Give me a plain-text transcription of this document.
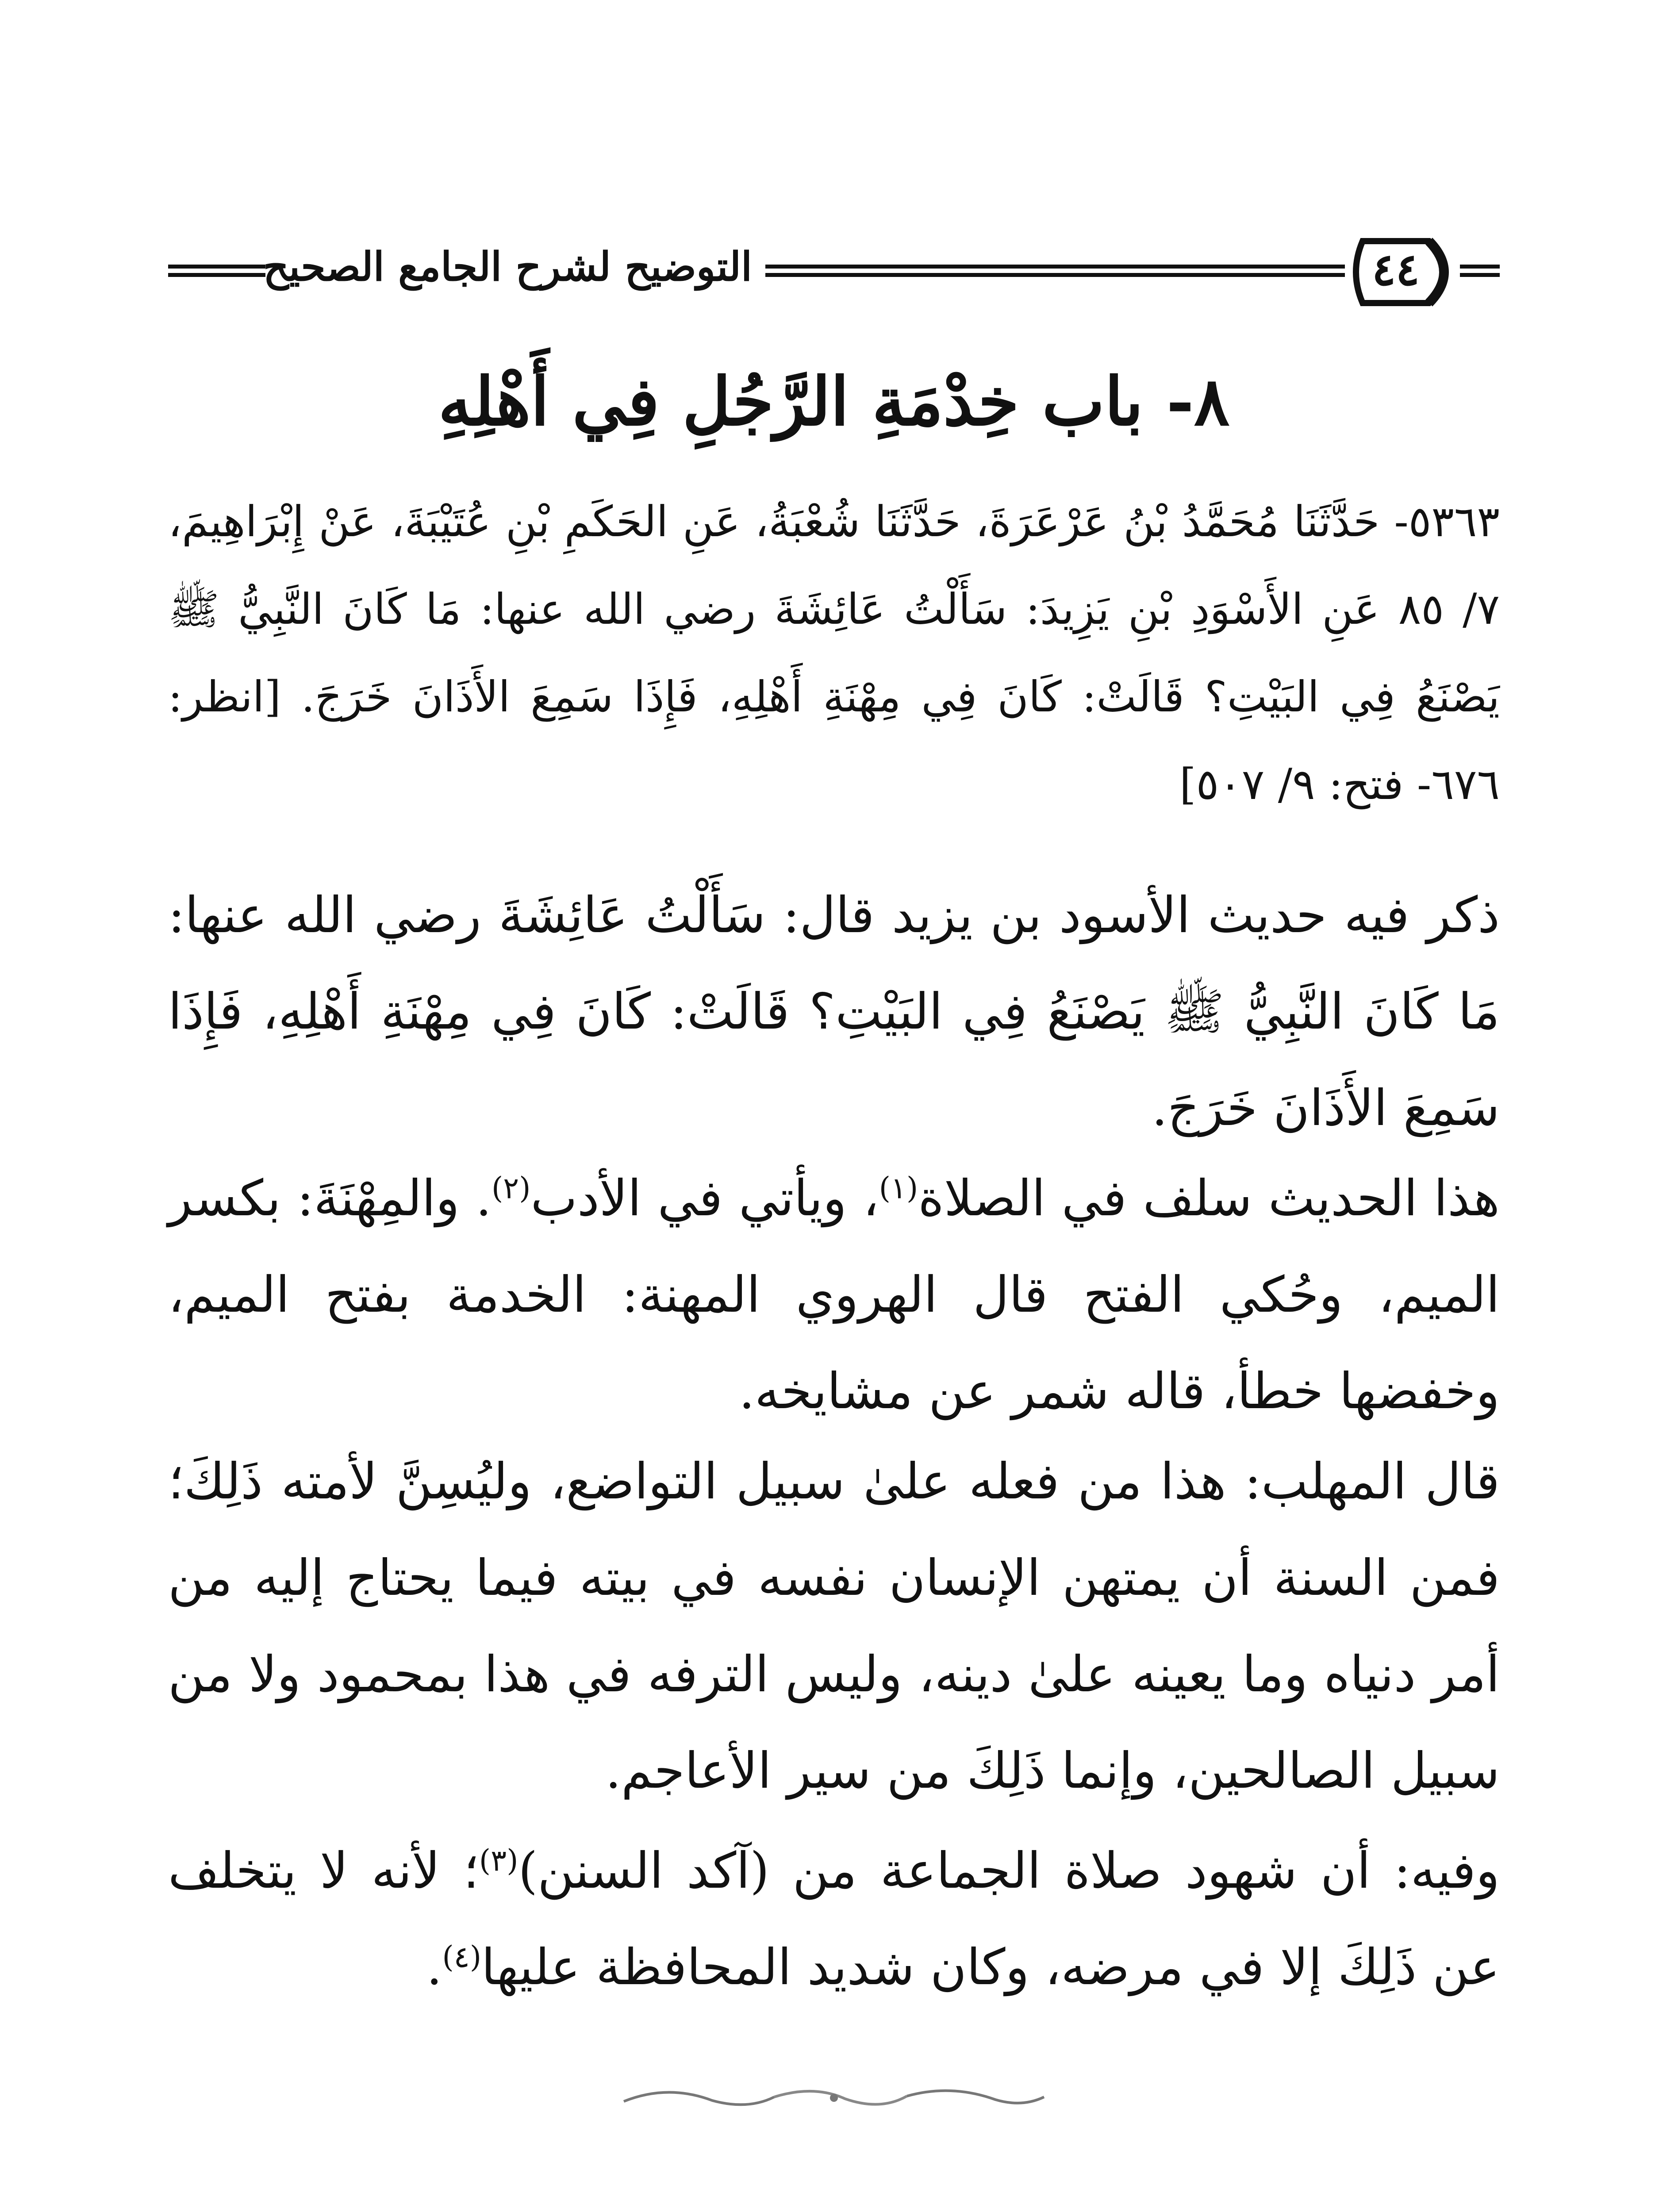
التوضيح لشرح الجامع الصحيح	٤٤
٨- باب خِدْمَةِ الرَّجُلِ فِي أَهْلِهِ
٥٣٦٣- حَدَّثَنَا مُحَمَّدُ بْنُ عَرْعَرَةَ، حَدَّثَنَا شُعْبَةُ، عَنِ الحَكَمِ بْنِ عُتَيْبَةَ، عَنْ إِبْرَاهِيمَ، ٧/ ٨٥ عَنِ الأَسْوَدِ بْنِ يَزِيدَ: سَأَلْتُ عَائِشَةَ رضي الله عنها: مَا كَانَ النَّبِيُّ ﷺ يَصْنَعُ فِي البَيْتِ؟ قَالَتْ: كَانَ فِي مِهْنَةِ أَهْلِهِ، فَإِذَا سَمِعَ الأَذَانَ خَرَجَ. [انظر: ٦٧٦- فتح: ٩/ ٥٠٧]
ذكر فيه حديث الأسود بن يزيد قال: سَأَلْتُ عَائِشَةَ رضي الله عنها: مَا كَانَ النَّبِيُّ ﷺ يَصْنَعُ فِي البَيْتِ؟ قَالَتْ: كَانَ فِي مِهْنَةِ أَهْلِهِ، فَإِذَا سَمِعَ الأَذَانَ خَرَجَ.
هذا الحديث سلف في الصلاة$^{(١)}$، ويأتي في الأدب$^{(٢)}$. والمِهْنَةَ: بكسر الميم، وحُكي الفتح قال الهروي المهنة: الخدمة بفتح الميم، وخفضها خطأ، قاله شمر عن مشايخه.
قال المهلب: هذا من فعله علىٰ سبيل التواضع، وليُسِنَّ لأمته ذَلِكَ؛ فمن السنة أن يمتهن الإنسان نفسه في بيته فيما يحتاج إليه من أمر دنياه وما يعينه علىٰ دينه، وليس الترفه في هذا بمحمود ولا من سبيل الصالحين، وإنما ذَلِكَ من سير الأعاجم.
وفيه: أن شهود صلاة الجماعة من (آكد السنن)$^{(٣)}$؛ لأنه لا يتخلف عن ذَلِكَ إلا في مرضه، وكان شديد المحافظة عليها$^{(٤)}$.
